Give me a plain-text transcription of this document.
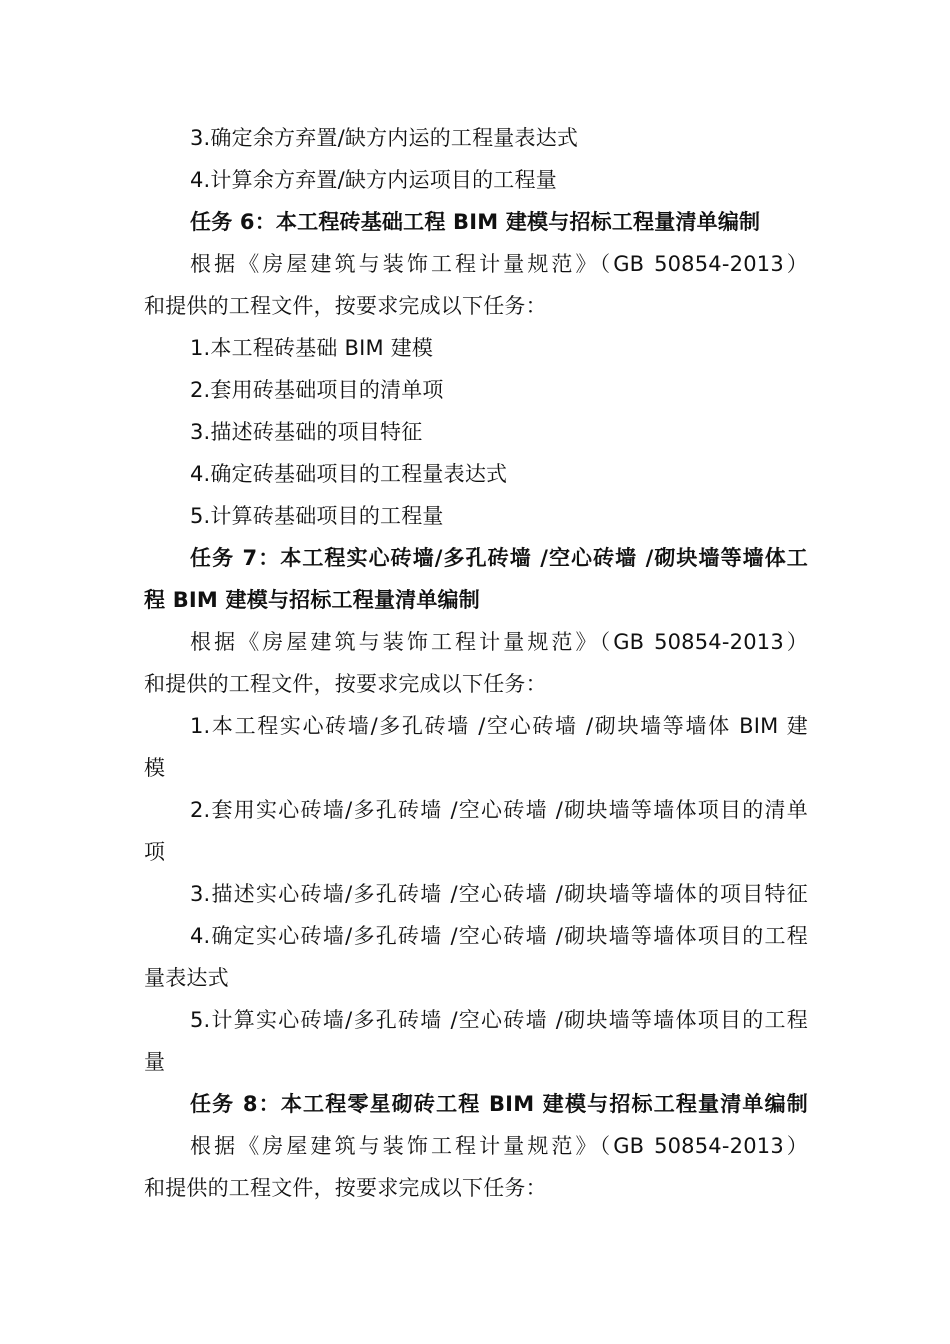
3.确定余方弃置/缺方内运的工程量表达式
4.计算余方弃置/缺方内运项目的工程量
任务 6：本工程砖基础工程 BIM 建模与招标工程量清单编制
根据《房屋建筑与装饰工程计量规范》（GB 50854-2013）
和提供的工程文件，按要求完成以下任务：
1.本工程砖基础 BIM 建模
2.套用砖基础项目的清单项
3.描述砖基础的项目特征
4.确定砖基础项目的工程量表达式
5.计算砖基础项目的工程量
任务 7：本工程实心砖墙/多孔砖墙 /空心砖墙 /砌块墙等墙体工
程 BIM 建模与招标工程量清单编制
根据《房屋建筑与装饰工程计量规范》（GB 50854-2013）
和提供的工程文件，按要求完成以下任务：
1.本工程实心砖墙/多孔砖墙 /空心砖墙 /砌块墙等墙体 BIM 建
模
2.套用实心砖墙/多孔砖墙 /空心砖墙 /砌块墙等墙体项目的清单
项
3.描述实心砖墙/多孔砖墙 /空心砖墙 /砌块墙等墙体的项目特征
4.确定实心砖墙/多孔砖墙 /空心砖墙 /砌块墙等墙体项目的工程
量表达式
5.计算实心砖墙/多孔砖墙 /空心砖墙 /砌块墙等墙体项目的工程
量
任务 8：本工程零星砌砖工程 BIM 建模与招标工程量清单编制
根据《房屋建筑与装饰工程计量规范》（GB 50854-2013）
和提供的工程文件，按要求完成以下任务：
